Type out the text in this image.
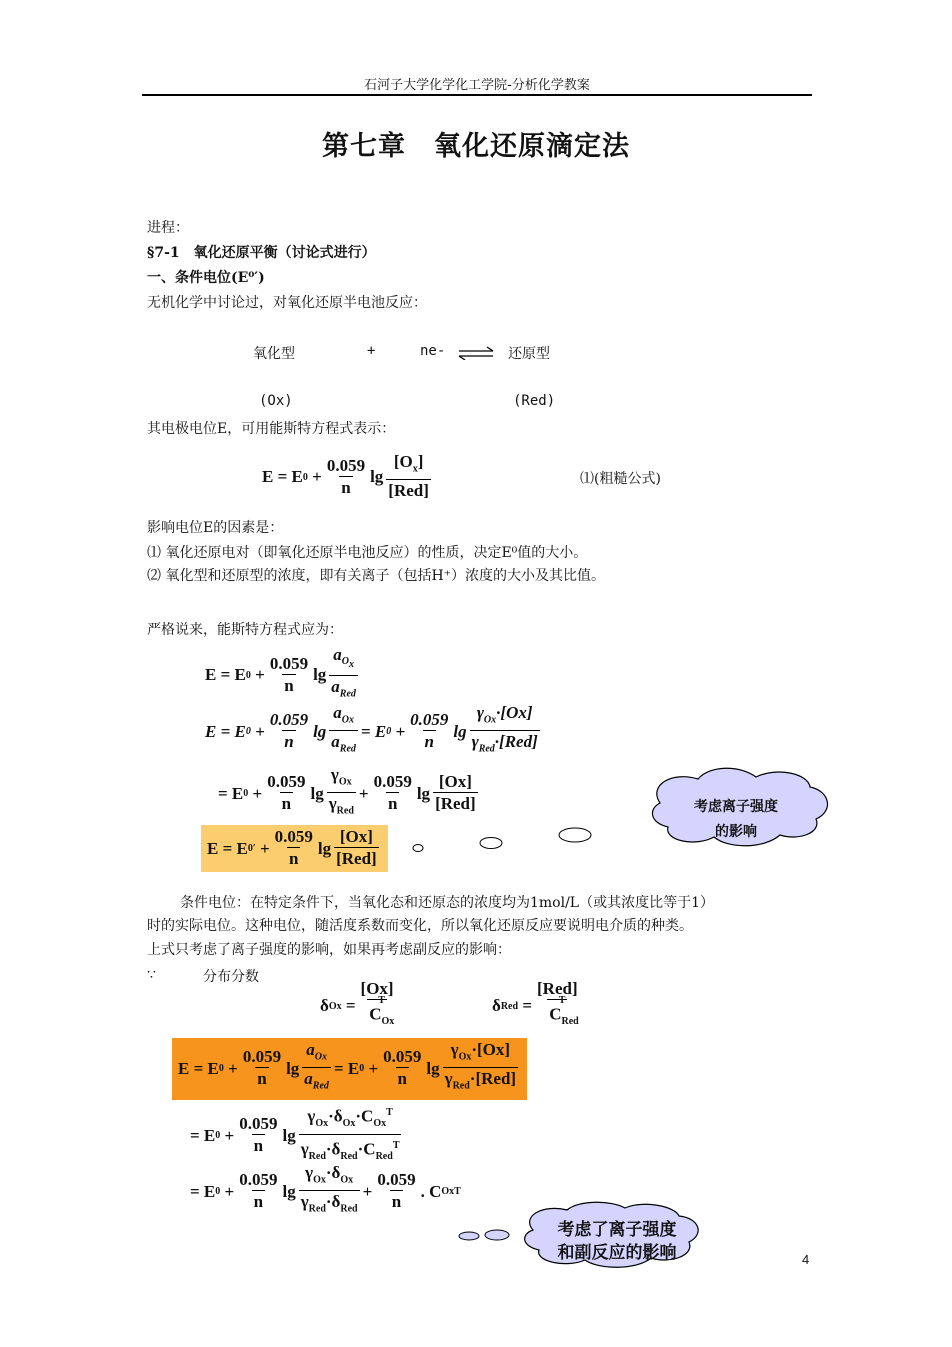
石河子大学化学化工学院-分析化学教案
第七章　氧化还原滴定法
进程：
§7-1　氧化还原平衡（讨论式进行）
一、条件电位(E⁰′)
无机化学中讨论过，对氧化还原半电池反应：
氧化型	+	ne- ⇌ 还原型
(Ox)	(Red)
其电极电位E，可用能斯特方程式表示：
E = E 0 +
0.059
n
lg
$[O_x]$
[Red]
⑴(粗糙公式)
影响电位E的因素是：
⑴ 氧化还原电对（即氧化还原半电池反应）的性质，决定E⁰值的大小。
⑵ 氧化型和还原型的浓度，即有关离子（包括H⁺）浓度的大小及其比值。
严格说来，能斯特方程式应为：
E = E 0 +
0.059
n
lg
$a_{O_x}$
$a_{Red}$
E = E 0 +
0.059
n
lg
$a_{Ox}$
$a_{Red}$
= E 0 +
0.059
n
lg
$\gamma_{Ox}\cdot[Ox]$
$\gamma_{Red}\cdot[Red]$
= E 0 +
0.059
n
lg
$\gamma_{Ox}$
$\gamma_{Red}$
+
0.059
n
lg
[Ox]
[Red]
E = E 0′ +
0.059
n
lg
[Ox]
[Red]
考虑离子强度
的影响
条件电位：在特定条件下，当氧化态和还原态的浓度均为1mol/L（或其浓度比等于1）
时的实际电位。这种电位，随活度系数而变化，所以氧化还原反应要说明电介质的种类。
上式只考虑了离子强度的影响，如果再考虑副反应的影响：
∵	分布分数
δ Ox =
[Ox]
$C_{Ox}^T$	δ Red =
[Red]
$C_{Red}^T$
E = E 0 +
0.059
n
lg
$a_{Ox}$
$a_{Red}$
= E 0 +
0.059
n
lg
$\gamma_{Ox}\cdot[Ox]$
$\gamma_{Red}\cdot[Red]$
= E 0 +
0.059
n
lg
$\gamma_{Ox}\cdot\delta_{Ox}\cdot C_{Ox}^T$
$\gamma_{Red}\cdot\delta_{Red}\cdot C_{Red}^T$
= E 0 +
0.059
n
lg
$\gamma_{Ox}\cdot\delta_{Ox}$
$\gamma_{Red}\cdot\delta_{Red}$
+
0.059
n
. C Ox T
考虑了离子强度
和副反应的影响	4
